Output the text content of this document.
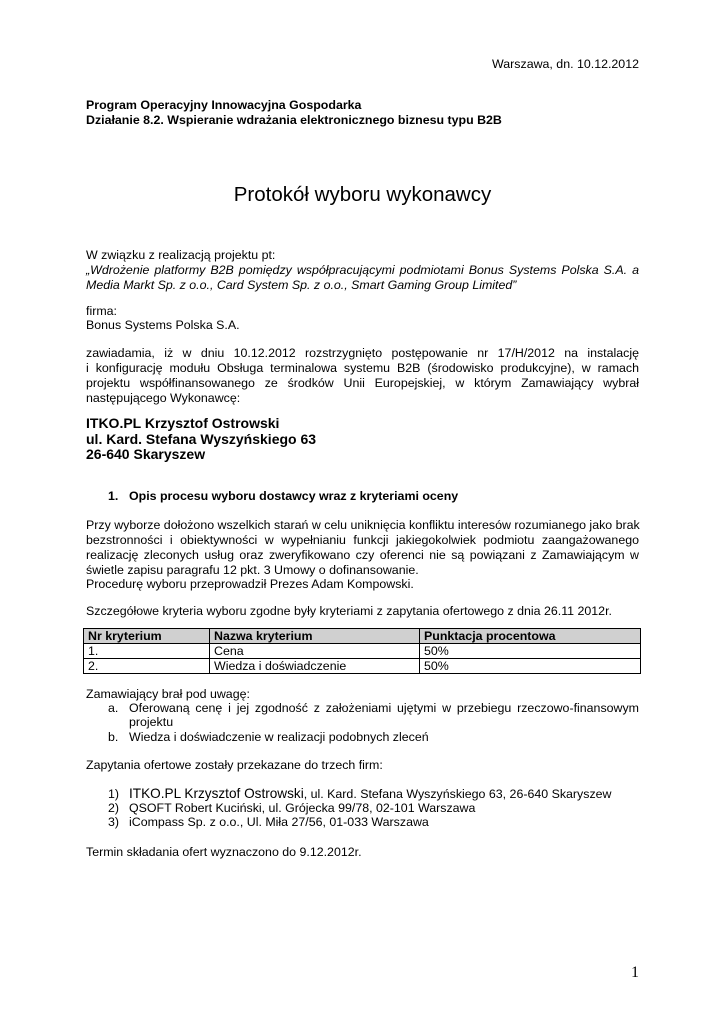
Warszawa, dn. 10.12.2012
Program Operacyjny Innowacyjna Gospodarka
Działanie 8.2. Wspieranie wdrażania elektronicznego biznesu typu B2B
Protokół wyboru wykonawcy
W związku z realizacją projektu pt:
„Wdrożenie platformy B2B pomiędzy współpracującymi podmiotami Bonus Systems Polska S.A. a
Media Markt Sp. z o.o., Card System Sp. z o.o., Smart Gaming Group Limited”
firma:
Bonus Systems Polska S.A.
zawiadamia, iż w dniu 10.12.2012 rozstrzygnięto postępowanie nr 17/H/2012 na instalację
i konfigurację modułu Obsługa terminalowa systemu B2B (środowisko produkcyjne), w ramach
projektu współfinansowanego ze środków Unii Europejskiej, w którym Zamawiający wybrał
następującego Wykonawcę:
ITKO.PL Krzysztof Ostrowski
ul. Kard. Stefana Wyszyńskiego 63
26-640 Skaryszew
1. Opis procesu wyboru dostawcy wraz z kryteriami oceny
Przy wyborze dołożono wszelkich starań w celu uniknięcia konfliktu interesów rozumianego jako brak
bezstronności i obiektywności w wypełnianiu funkcji jakiegokolwiek podmiotu zaangażowanego
realizację zleconych usług oraz zweryfikowano czy oferenci nie są powiązani z Zamawiającym w
świetle zapisu paragrafu 12 pkt. 3 Umowy o dofinansowanie.
Procedurę wyboru przeprowadził Prezes Adam Kompowski.
Szczegółowe kryteria wyboru zgodne były kryteriami z zapytania ofertowego z dnia 26.11 2012r.
Nr kryterium	Nazwa kryterium	Punktacja procentowa
1.	Cena	50%
2.	Wiedza i doświadczenie	50%
Zamawiający brał pod uwagę:
a. Oferowaną cenę i jej zgodność z założeniami ujętymi w przebiegu rzeczowo-finansowym
projektu
b. Wiedza i doświadczenie w realizacji podobnych zleceń
Zapytania ofertowe zostały przekazane do trzech firm:
1) ITKO.PL Krzysztof Ostrowski, ul. Kard. Stefana Wyszyńskiego 63, 26-640 Skaryszew
2) QSOFT Robert Kuciński, ul. Grójecka 99/78, 02-101 Warszawa
3) iCompass Sp. z o.o., Ul. Miła 27/56, 01-033 Warszawa
Termin składania ofert wyznaczono do 9.12.2012r.
1
